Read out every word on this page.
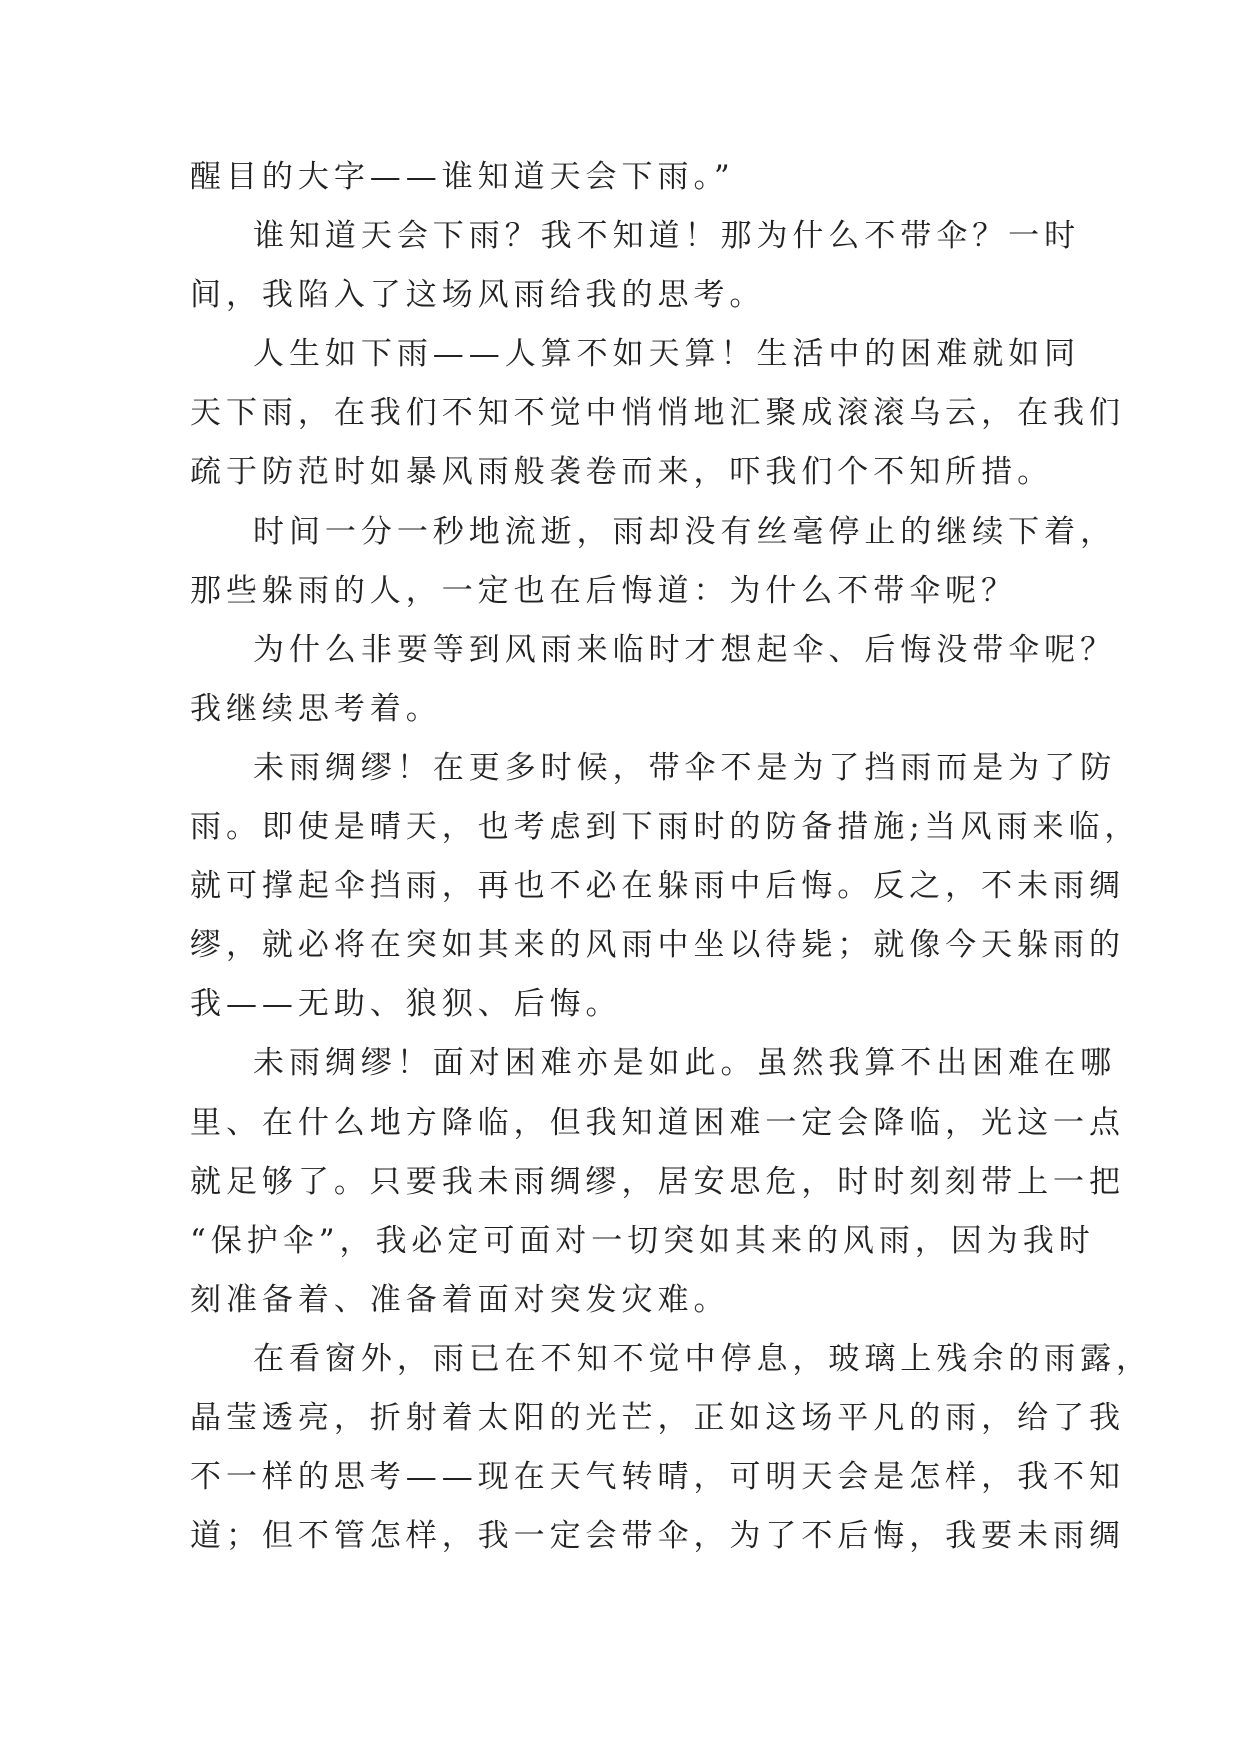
醒目的大字——谁知道天会下雨。”
谁知道天会下雨？我不知道！那为什么不带伞？一时
间，我陷入了这场风雨给我的思考。
人生如下雨——人算不如天算！生活中的困难就如同
天下雨，在我们不知不觉中悄悄地汇聚成滚滚乌云，在我们
疏于防范时如暴风雨般袭卷而来，吓我们个不知所措。
时间一分一秒地流逝，雨却没有丝毫停止的继续下着，
那些躲雨的人，一定也在后悔道：为什么不带伞呢？
为什么非要等到风雨来临时才想起伞、后悔没带伞呢？
我继续思考着。
未雨绸缪！在更多时候，带伞不是为了挡雨而是为了防
雨。即使是晴天，也考虑到下雨时的防备措施;当风雨来临，
就可撑起伞挡雨，再也不必在躲雨中后悔。反之，不未雨绸
缪，就必将在突如其来的风雨中坐以待毙；就像今天躲雨的
我——无助、狼狈、后悔。
未雨绸缪！面对困难亦是如此。虽然我算不出困难在哪
里、在什么地方降临，但我知道困难一定会降临，光这一点
就足够了。只要我未雨绸缪，居安思危，时时刻刻带上一把
“保护伞”，我必定可面对一切突如其来的风雨，因为我时
刻准备着、准备着面对突发灾难。
在看窗外，雨已在不知不觉中停息，玻璃上残余的雨露，
晶莹透亮，折射着太阳的光芒，正如这场平凡的雨，给了我
不一样的思考——现在天气转晴，可明天会是怎样，我不知
道；但不管怎样，我一定会带伞，为了不后悔，我要未雨绸
